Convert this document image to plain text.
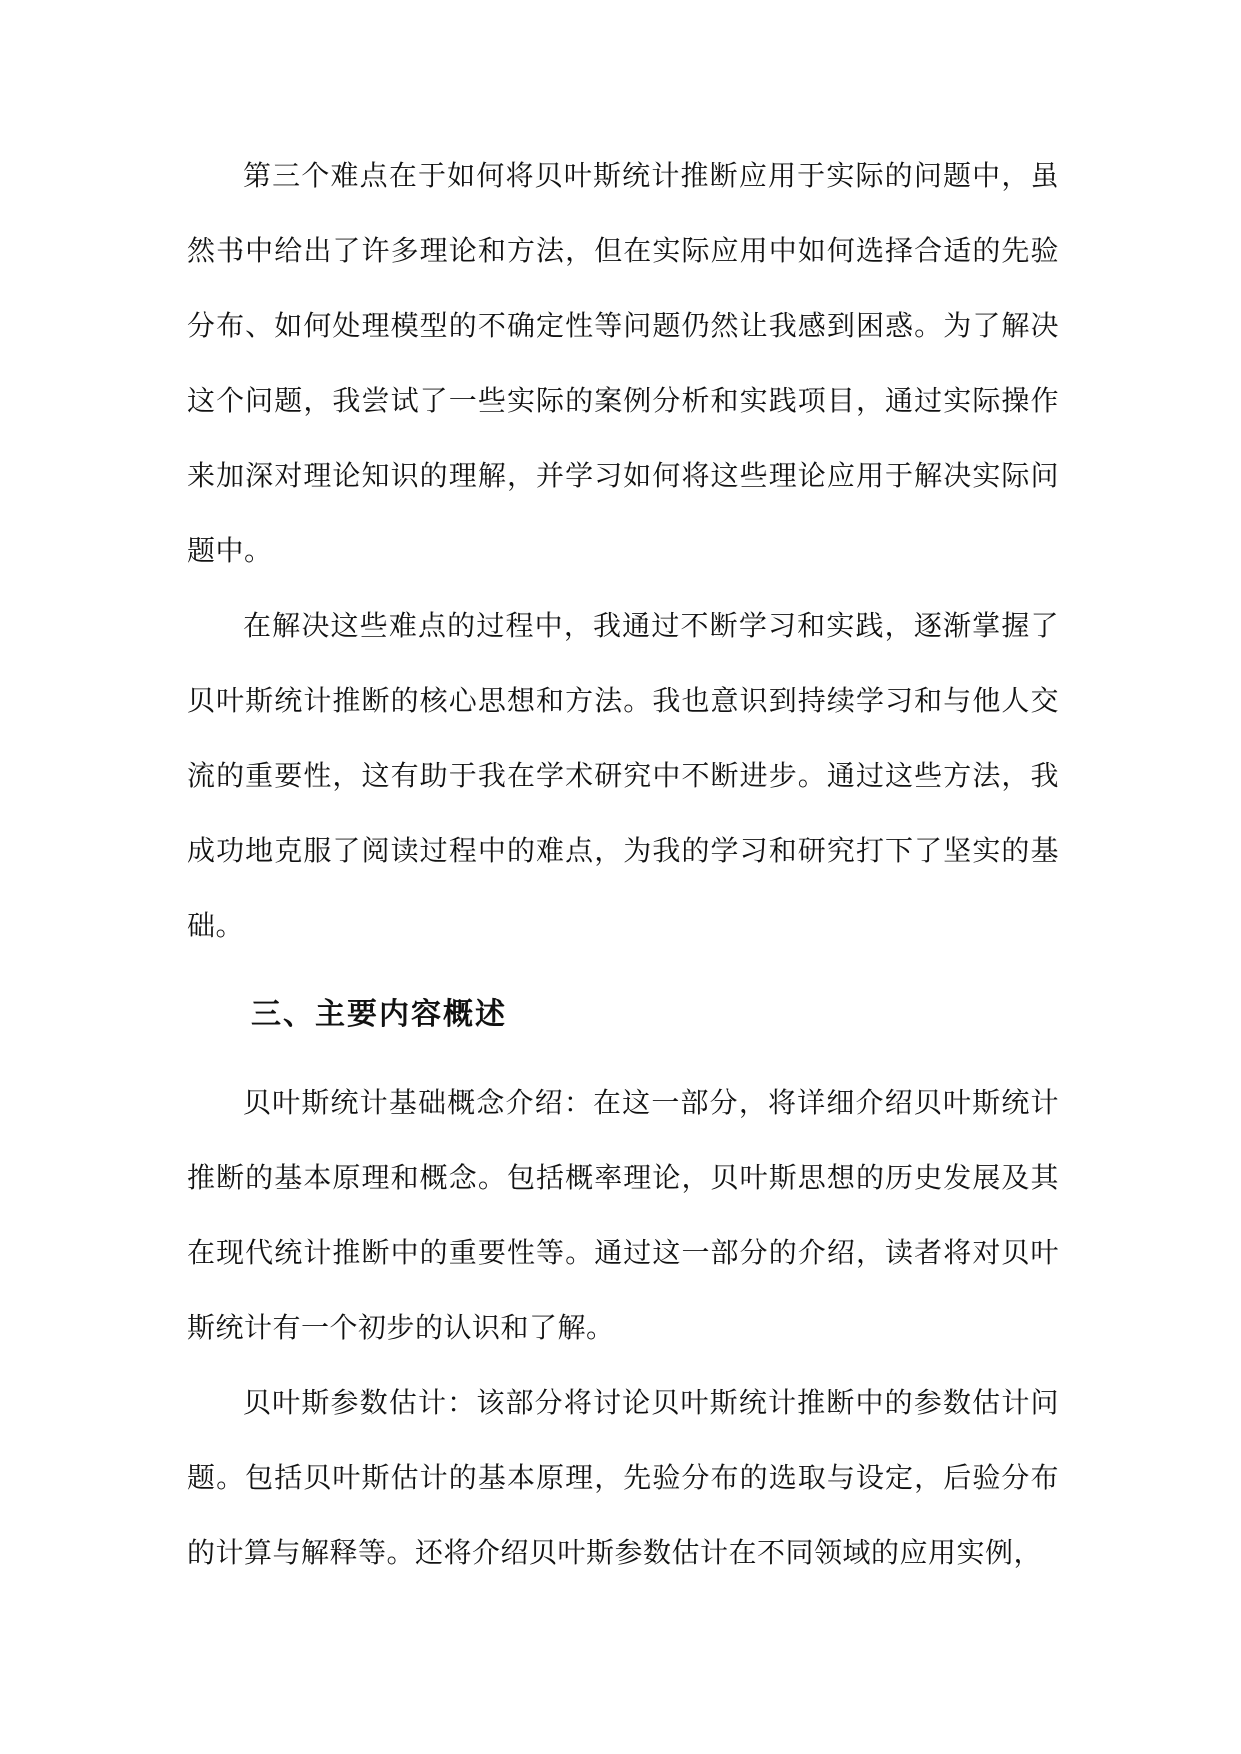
第三个难点在于如何将贝叶斯统计推断应用于实际的问题中，虽然书中给出了许多理论和方法，但在实际应用中如何选择合适的先验分布、如何处理模型的不确定性等问题仍然让我感到困惑。为了解决这个问题，我尝试了一些实际的案例分析和实践项目，通过实际操作来加深对理论知识的理解，并学习如何将这些理论应用于解决实际问题中。

在解决这些难点的过程中，我通过不断学习和实践，逐渐掌握了贝叶斯统计推断的核心思想和方法。我也意识到持续学习和与他人交流的重要性，这有助于我在学术研究中不断进步。通过这些方法，我成功地克服了阅读过程中的难点，为我的学习和研究打下了坚实的基础。

三、主要内容概述

贝叶斯统计基础概念介绍：在这一部分，将详细介绍贝叶斯统计推断的基本原理和概念。包括概率理论，贝叶斯思想的历史发展及其在现代统计推断中的重要性等。通过这一部分的介绍，读者将对贝叶斯统计有一个初步的认识和了解。

贝叶斯参数估计：该部分将讨论贝叶斯统计推断中的参数估计问题。包括贝叶斯估计的基本原理，先验分布的选取与设定，后验分布的计算与解释等。还将介绍贝叶斯参数估计在不同领域的应用实例，
